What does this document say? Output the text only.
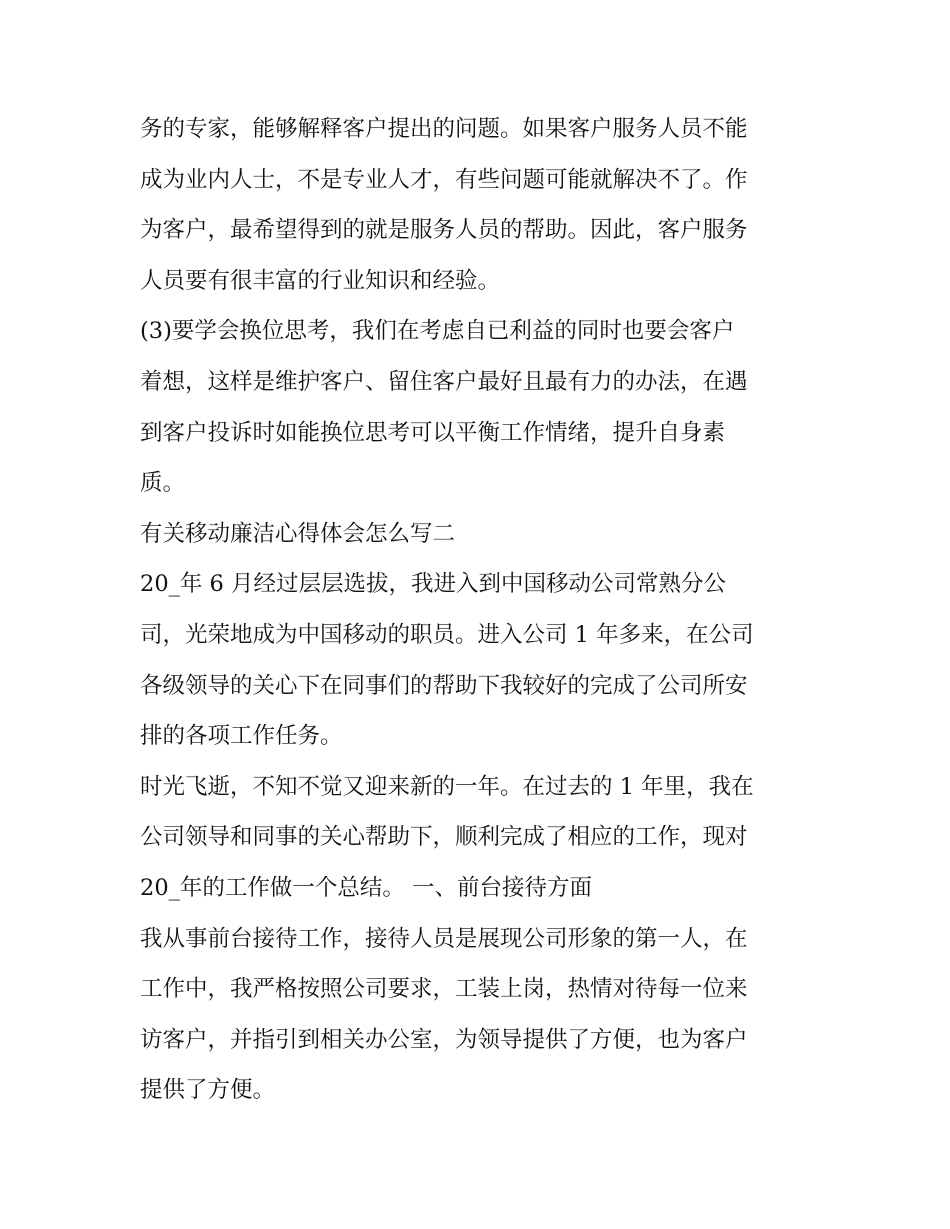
务的专家，能够解释客户提出的问题。如果客户服务人员不能
成为业内人士，不是专业人才，有些问题可能就解决不了。作
为客户，最希望得到的就是服务人员的帮助。因此，客户服务
人员要有很丰富的行业知识和经验。
(3)要学会换位思考，我们在考虑自已利益的同时也要会客户
着想，这样是维护客户、留住客户最好且最有力的办法，在遇
到客户投诉时如能换位思考可以平衡工作情绪，提升自身素
质。
有关移动廉洁心得体会怎么写二
20_年 6 月经过层层选拔，我进入到中国移动公司常熟分公
司，光荣地成为中国移动的职员。进入公司 1 年多来，在公司
各级领导的关心下在同事们的帮助下我较好的完成了公司所安
排的各项工作任务。
时光飞逝，不知不觉又迎来新的一年。在过去的 1 年里，我在
公司领导和同事的关心帮助下，顺利完成了相应的工作，现对
20_年的工作做一个总结。 一、前台接待方面
我从事前台接待工作，接待人员是展现公司形象的第一人，在
工作中，我严格按照公司要求，工装上岗，热情对待每一位来
访客户，并指引到相关办公室，为领导提供了方便，也为客户
提供了方便。
